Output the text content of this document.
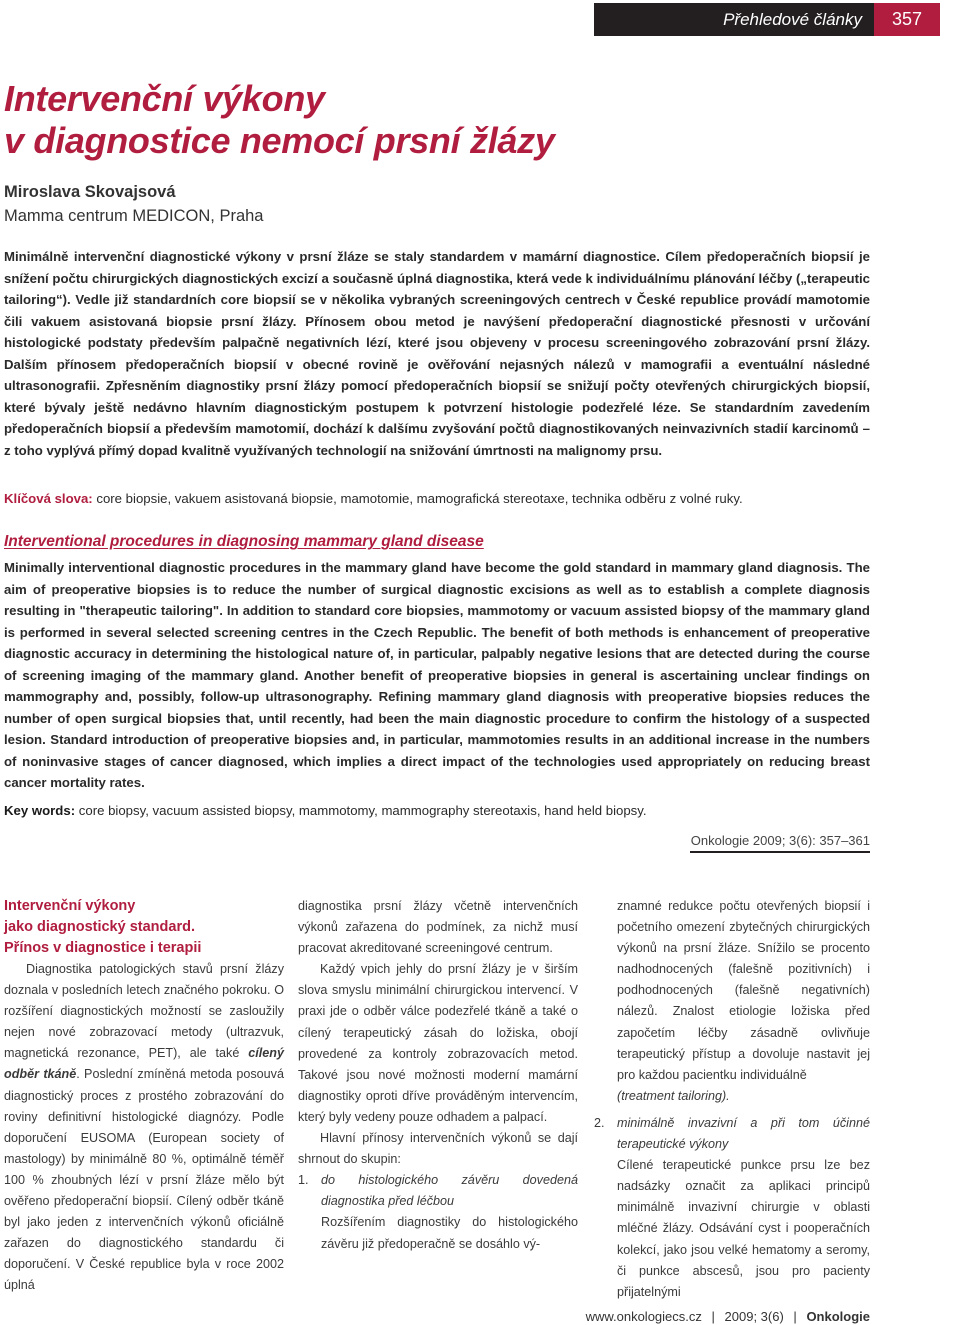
Přehledové články	357
Intervenční výkony
v diagnostice nemocí prsní žlázy
Miroslava Skovajsová
Mamma centrum MEDICON, Praha

Minimálně intervenční diagnostické výkony v prsní žláze se staly standardem v mamární diagnostice. Cílem předoperačních biopsií je snížení počtu chirurgických diagnostických excizí a současně úplná diagnostika, která vede k individuálnímu plánování léčby („terapeutic tailoring“). Vedle již standardních core biopsií se v několika vybraných screeningových centrech v České republice provádí mamotomie čili vakuem asistovaná biopsie prsní žlázy. Přínosem obou metod je navýšení předoperační diagnostické přesnosti v určování histologické podstaty především palpačně negativních lézí, které jsou objeveny v procesu screeningového zobrazování prsní žlázy. Dalším přínosem předoperačních biopsií v obecné rovině je ověřování nejasných nálezů v mamografii a eventuální následné ultrasonografii. Zpřesněním diagnostiky prsní žlázy pomocí předoperačních biopsií se snižují počty otevřených chirurgických biopsií, které bývaly ještě nedávno hlavním diagnostickým postupem k potvrzení histologie podezřelé léze. Se standardním zavedením předoperačních biopsií a především mamotomií, dochází k dalšímu zvyšování počtů diagnostikovaných neinvazivních stadií karcinomů – z toho vyplývá přímý dopad kvalitně využívaných technologií na snižování úmrtnosti na malignomy prsu.

Klíčová slova: core biopsie, vakuem asistovaná biopsie, mamotomie, mamografická stereotaxe, technika odběru z volné ruky.

Interventional procedures in diagnosing mammary gland disease

Minimally interventional diagnostic procedures in the mammary gland have become the gold standard in mammary gland diagnosis. The aim of preoperative biopsies is to reduce the number of surgical diagnostic excisions as well as to establish a complete diagnosis resulting in "therapeutic tailoring". In addition to standard core biopsies, mammotomy or vacuum assisted biopsy of the mammary gland is performed in several selected screening centres in the Czech Republic. The benefit of both methods is enhancement of preoperative diagnostic accuracy in determining the histological nature of, in particular, palpably negative lesions that are detected during the course of screening imaging of the mammary gland. Another benefit of preoperative biopsies in general is ascertaining unclear findings on mammography and, possibly, follow-up ultrasonography. Refining mammary gland diagnosis with preoperative biopsies reduces the number of open surgical biopsies that, until recently, had been the main diagnostic procedure to confirm the histology of a suspected lesion. Standard introduction of preoperative biopsies and, in particular, mammotomies results in an additional increase in the numbers of noninvasive stages of cancer diagnosed, which implies a direct impact of the technologies used appropriately on reducing breast cancer mortality rates.

Key words: core biopsy, vacuum assisted biopsy, mammotomy, mammography stereotaxis, hand held biopsy.

Onkologie 2009; 3(6): 357–361
Intervenční výkony
jako diagnostický standard.
Přínos v diagnostice i terapii

Diagnostika patologických stavů prsní žlázy doznala v posledních letech značného pokroku. O rozšíření diagnostických možností se zasloužily nejen nové zobrazovací metody (ultrazvuk, magnetická rezonance, PET), ale také cílený odběr tkáně. Poslední zmíněná metoda posouvá diagnostický proces z prostého zobrazování do roviny definitivní histologické diagnózy. Podle doporučení EUSOMA (European society of mastology) by minimálně 80 %, optimálně téměř 100 % zhoubných lézí v prsní žláze mělo být ověřeno předoperační biopsií. Cílený odběr tkáně byl jako jeden z intervenčních výkonů oficiálně zařazen do diagnostického standardu či doporučení. V České republice byla v roce 2002 úplná

diagnostika prsní žlázy včetně intervenčních výkonů zařazena do podmínek, za nichž musí pracovat akreditované screeningové centrum.

Každý vpich jehly do prsní žlázy je v širším slova smyslu minimální chirurgickou intervencí. V praxi jde o odběr válce podezřelé tkáně a také o cílený terapeutický zásah do ložiska, obojí provedené za kontroly zobrazovacích metod. Takové jsou nové možnosti moderní mamární diagnostiky oproti dříve prováděným intervencím, který byly vedeny pouze odhadem a palpací.

Hlavní přínosy intervenčních výkonů se dají shrnout do skupin:

1. do histologického závěru dovedená diagnostika před léčbou
Rozšířením diagnostiky do histologického závěru již předoperačně se dosáhlo vý-
znamné redukce počtu otevřených biopsií i početního omezení zbytečných chirurgických výkonů na prsní žláze. Snížilo se procento nadhodnocených (falešně pozitivních) i podhodnocených (falešně negativních) nálezů. Znalost etiologie ložiska před započetím léčby zásadně ovlivňuje terapeutický přístup a dovoluje nastavit jej pro každou pacientku individuálně
(treatment tailoring).
2. minimálně invazivní a při tom účinné terapeutické výkony
Cílené terapeutické punkce prsu lze bez nadsázky označit za aplikaci principů minimálně invazivní chirurgie v oblasti mléčné žlázy. Odsávání cyst i pooperačních kolekcí, jako jsou velké hematomy a seromy, či punkce abscesů, jsou pro pacienty přijatelnými
www.onkologiecs.cz | 2009; 3(6) | Onkologie
